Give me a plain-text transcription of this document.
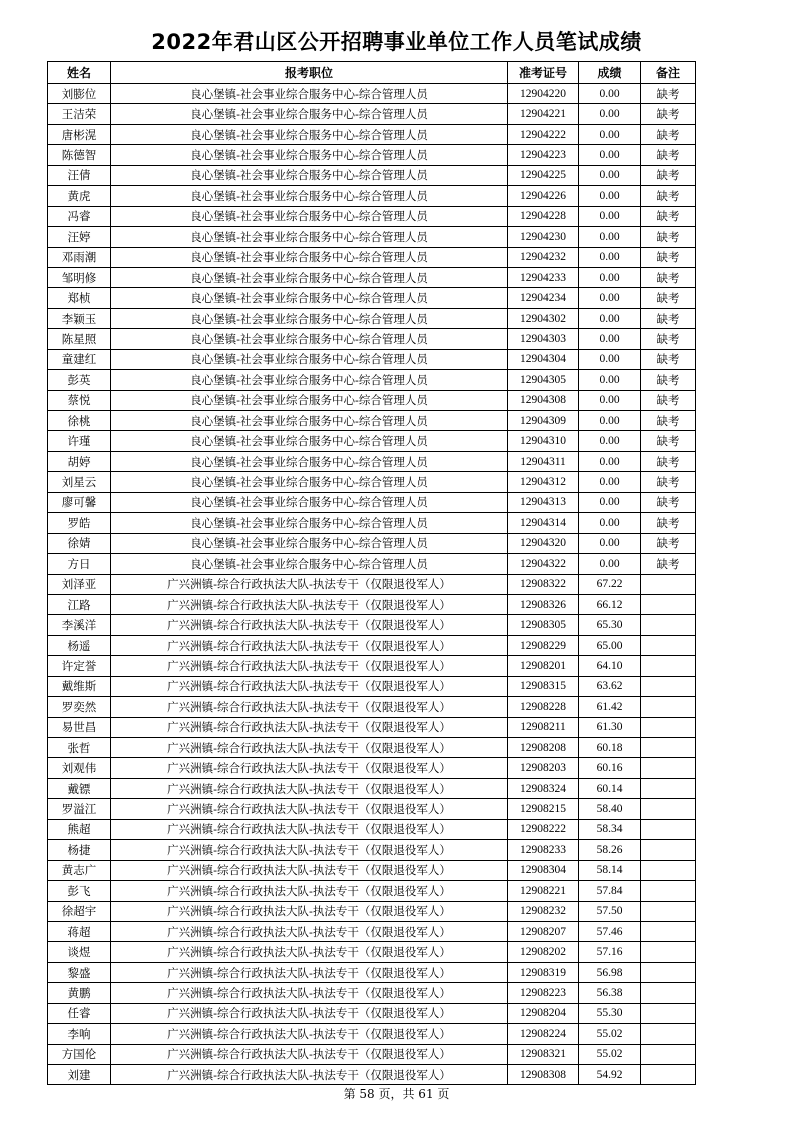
2022年君山区公开招聘事业单位工作人员笔试成绩
姓名	报考职位	准考证号	成绩	备注
刘膨位	良心堡镇-社会事业综合服务中心-综合管理人员	12904220	0.00	缺考
王洁荣	良心堡镇-社会事业综合服务中心-综合管理人员	12904221	0.00	缺考
唐彬滉	良心堡镇-社会事业综合服务中心-综合管理人员	12904222	0.00	缺考
陈德智	良心堡镇-社会事业综合服务中心-综合管理人员	12904223	0.00	缺考
汪倩	良心堡镇-社会事业综合服务中心-综合管理人员	12904225	0.00	缺考
黄虎	良心堡镇-社会事业综合服务中心-综合管理人员	12904226	0.00	缺考
冯睿	良心堡镇-社会事业综合服务中心-综合管理人员	12904228	0.00	缺考
汪婷	良心堡镇-社会事业综合服务中心-综合管理人员	12904230	0.00	缺考
邓雨潮	良心堡镇-社会事业综合服务中心-综合管理人员	12904232	0.00	缺考
邹明修	良心堡镇-社会事业综合服务中心-综合管理人员	12904233	0.00	缺考
郑桢	良心堡镇-社会事业综合服务中心-综合管理人员	12904234	0.00	缺考
李颖玉	良心堡镇-社会事业综合服务中心-综合管理人员	12904302	0.00	缺考
陈星照	良心堡镇-社会事业综合服务中心-综合管理人员	12904303	0.00	缺考
童建红	良心堡镇-社会事业综合服务中心-综合管理人员	12904304	0.00	缺考
彭英	良心堡镇-社会事业综合服务中心-综合管理人员	12904305	0.00	缺考
蔡悦	良心堡镇-社会事业综合服务中心-综合管理人员	12904308	0.00	缺考
徐桃	良心堡镇-社会事业综合服务中心-综合管理人员	12904309	0.00	缺考
许瑾	良心堡镇-社会事业综合服务中心-综合管理人员	12904310	0.00	缺考
胡婷	良心堡镇-社会事业综合服务中心-综合管理人员	12904311	0.00	缺考
刘星云	良心堡镇-社会事业综合服务中心-综合管理人员	12904312	0.00	缺考
廖可馨	良心堡镇-社会事业综合服务中心-综合管理人员	12904313	0.00	缺考
罗皓	良心堡镇-社会事业综合服务中心-综合管理人员	12904314	0.00	缺考
徐婧	良心堡镇-社会事业综合服务中心-综合管理人员	12904320	0.00	缺考
方日	良心堡镇-社会事业综合服务中心-综合管理人员	12904322	0.00	缺考
刘泽亚	广兴洲镇-综合行政执法大队-执法专干（仅限退役军人）	12908322	67.22	
江路	广兴洲镇-综合行政执法大队-执法专干（仅限退役军人）	12908326	66.12	
李溪洋	广兴洲镇-综合行政执法大队-执法专干（仅限退役军人）	12908305	65.30	
杨遥	广兴洲镇-综合行政执法大队-执法专干（仅限退役军人）	12908229	65.00	
许定誉	广兴洲镇-综合行政执法大队-执法专干（仅限退役军人）	12908201	64.10	
戴维斯	广兴洲镇-综合行政执法大队-执法专干（仅限退役军人）	12908315	63.62	
罗奕然	广兴洲镇-综合行政执法大队-执法专干（仅限退役军人）	12908228	61.42	
易世昌	广兴洲镇-综合行政执法大队-执法专干（仅限退役军人）	12908211	61.30	
张哲	广兴洲镇-综合行政执法大队-执法专干（仅限退役军人）	12908208	60.18	
刘观伟	广兴洲镇-综合行政执法大队-执法专干（仅限退役军人）	12908203	60.16	
戴镖	广兴洲镇-综合行政执法大队-执法专干（仅限退役军人）	12908324	60.14	
罗溢江	广兴洲镇-综合行政执法大队-执法专干（仅限退役军人）	12908215	58.40	
熊超	广兴洲镇-综合行政执法大队-执法专干（仅限退役军人）	12908222	58.34	
杨捷	广兴洲镇-综合行政执法大队-执法专干（仅限退役军人）	12908233	58.26	
黄志广	广兴洲镇-综合行政执法大队-执法专干（仅限退役军人）	12908304	58.14	
彭飞	广兴洲镇-综合行政执法大队-执法专干（仅限退役军人）	12908221	57.84	
徐超宇	广兴洲镇-综合行政执法大队-执法专干（仅限退役军人）	12908232	57.50	
蒋超	广兴洲镇-综合行政执法大队-执法专干（仅限退役军人）	12908207	57.46	
谈煜	广兴洲镇-综合行政执法大队-执法专干（仅限退役军人）	12908202	57.16	
黎盛	广兴洲镇-综合行政执法大队-执法专干（仅限退役军人）	12908319	56.98	
黄鹏	广兴洲镇-综合行政执法大队-执法专干（仅限退役军人）	12908223	56.38	
任睿	广兴洲镇-综合行政执法大队-执法专干（仅限退役军人）	12908204	55.30	
李响	广兴洲镇-综合行政执法大队-执法专干（仅限退役军人）	12908224	55.02	
方国伦	广兴洲镇-综合行政执法大队-执法专干（仅限退役军人）	12908321	55.02	
刘建	广兴洲镇-综合行政执法大队-执法专干（仅限退役军人）	12908308	54.92	
第 58 页，共 61 页
